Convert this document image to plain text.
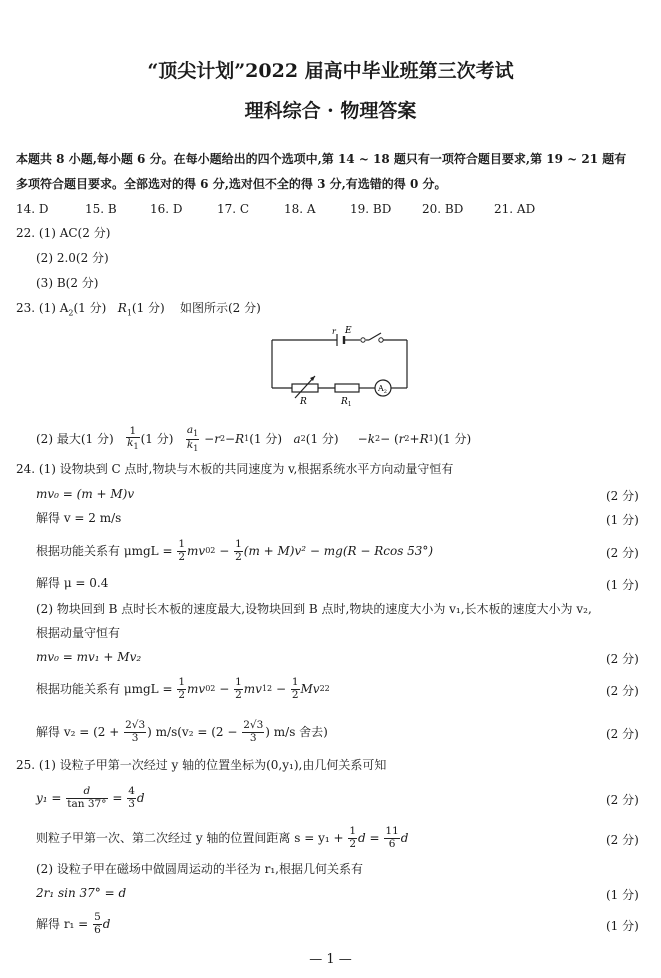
“顶尖计划”2022 届高中毕业班第三次考试
理科综合 · 物理答案
本题共 8 小题,每小题 6 分。在每小题给出的四个选项中,第 14 ~ 18 题只有一项符合题目要求,第 19 ~ 21 题有
多项符合题目要求。全部选对的得 6 分,选对但不全的得 3 分,有选错的得 0 分。
14. D	15. B	16. D	17. C	18. A	19. BD	20. BD	21. AD
22. (1) AC(2 分)
(2) 2.0(2 分)
(3) B(2 分)
23. (1) $A_2(1$ 分) $R_1(1$ 分) 如图所示(2 分)
r E
R	$R_1$
$A_2$
(2) 最大(1 分)
$\frac{1}{k_1} (1$ 分)
$\frac{a_1}{k_1} - r$ 2 − R 1 (1 分)
a 2 (1 分) − k 2 − ( r 2 + R 1 ) (1 分)
24. (1) 设物块到 C 点时,物块与木板的共同速度为 v,根据系统水平方向动量守恒有
mv₀ = (m + M)v	(2 分)
解得 v = 2 m/s	(1 分)
根据功能关系有 μmgL =
$\frac{1}{2}$ mv 0 $2 - \frac{1}{2} (m + M)v^2 - mg(R - Rcos$ 53°)	(2 分)
解得 μ = 0.4	(1 分)
(2) 物块回到 B 点时长木板的速度最大,设物块回到 B 点时,物块的速度大小为 v₁,长木板的速度大小为 v₂,
根据动量守恒有
mv₀ = mv₁ + Mv₂	(2 分)
根据功能关系有 μmgL =
$\frac{1}{2}$ mv 0 $2 - \frac{1}{2}$ mv 1 $2 - \frac{1}{2}$ Mv 2 2	(2 分)
解得 v₂ = (2 +
$\frac{2√3}{3}$ ) m/s(v₂ = (2 −
$\frac{2√3}{3}$ ) m/s 舍去)	(2 分)
25. (1) 设粒子甲第一次经过 y 轴的位置坐标为(0,y₁),由几何关系可知
y₁ =
$\frac{d}{\tan 37^\circ} = \frac{4}{3}$ d	(2 分)
则粒子甲第一次、第二次经过 y 轴的位置间距离 s = y₁ +
$\frac{1}{2}$ $d = \frac{11}{6}$ d	(2 分)
(2) 设粒子甲在磁场中做圆周运动的半径为 r₁,根据几何关系有
2r₁ sin 37° = d	(1 分)
解得 r₁ =
$\frac{5}{6}$ d	(1 分)
— 1 —
